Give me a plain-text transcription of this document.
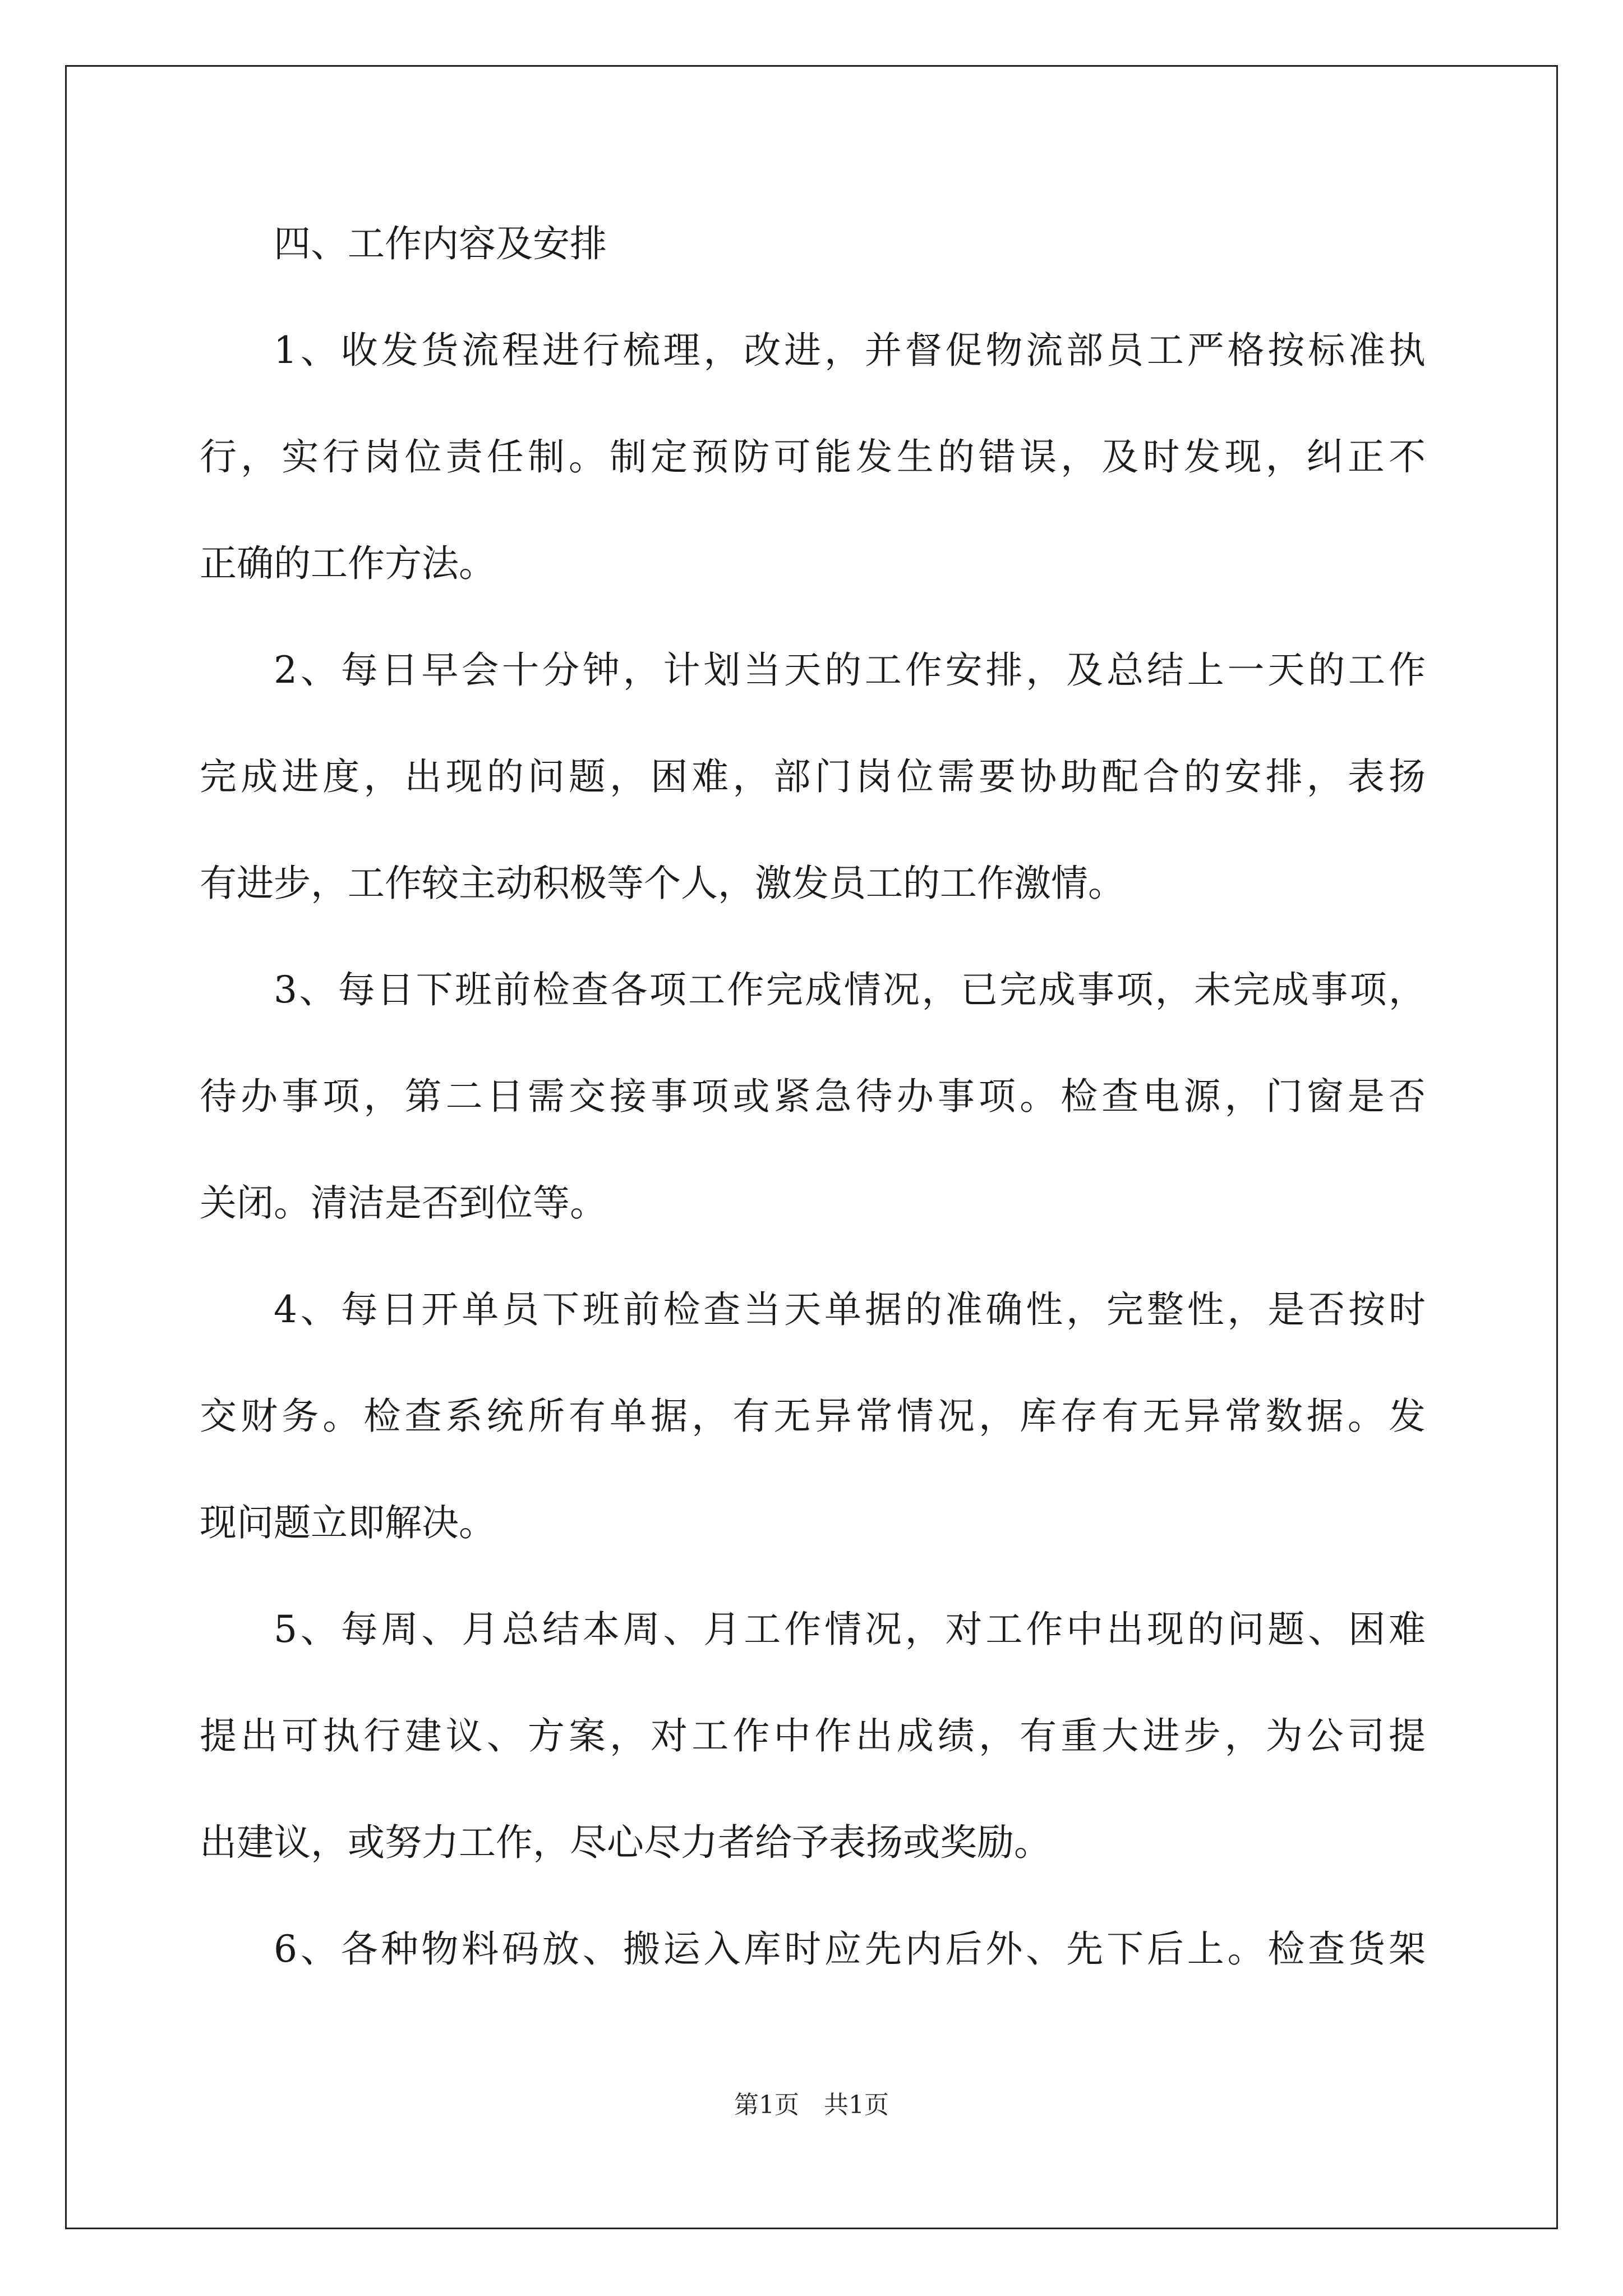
四、工作内容及安排
1、收发货流程进行梳理，改进，并督促物流部员工严格按标准执
行，实行岗位责任制。制定预防可能发生的错误，及时发现，纠正不
正确的工作方法。
2、每日早会十分钟，计划当天的工作安排，及总结上一天的工作
完成进度，出现的问题，困难，部门岗位需要协助配合的安排，表扬
有进步，工作较主动积极等个人，激发员工的工作激情。
3、每日下班前检查各项工作完成情况，已完成事项，未完成事项，
待办事项，第二日需交接事项或紧急待办事项。检查电源，门窗是否
关闭。清洁是否到位等。
4、每日开单员下班前检查当天单据的准确性，完整性，是否按时
交财务。检查系统所有单据，有无异常情况，库存有无异常数据。发
现问题立即解决。
5、每周、月总结本周、月工作情况，对工作中出现的问题、困难
提出可执行建议、方案，对工作中作出成绩，有重大进步，为公司提
出建议，或努力工作，尽心尽力者给予表扬或奖励。
6、各种物料码放、搬运入库时应先内后外、先下后上。检查货架
第1页　共1页
